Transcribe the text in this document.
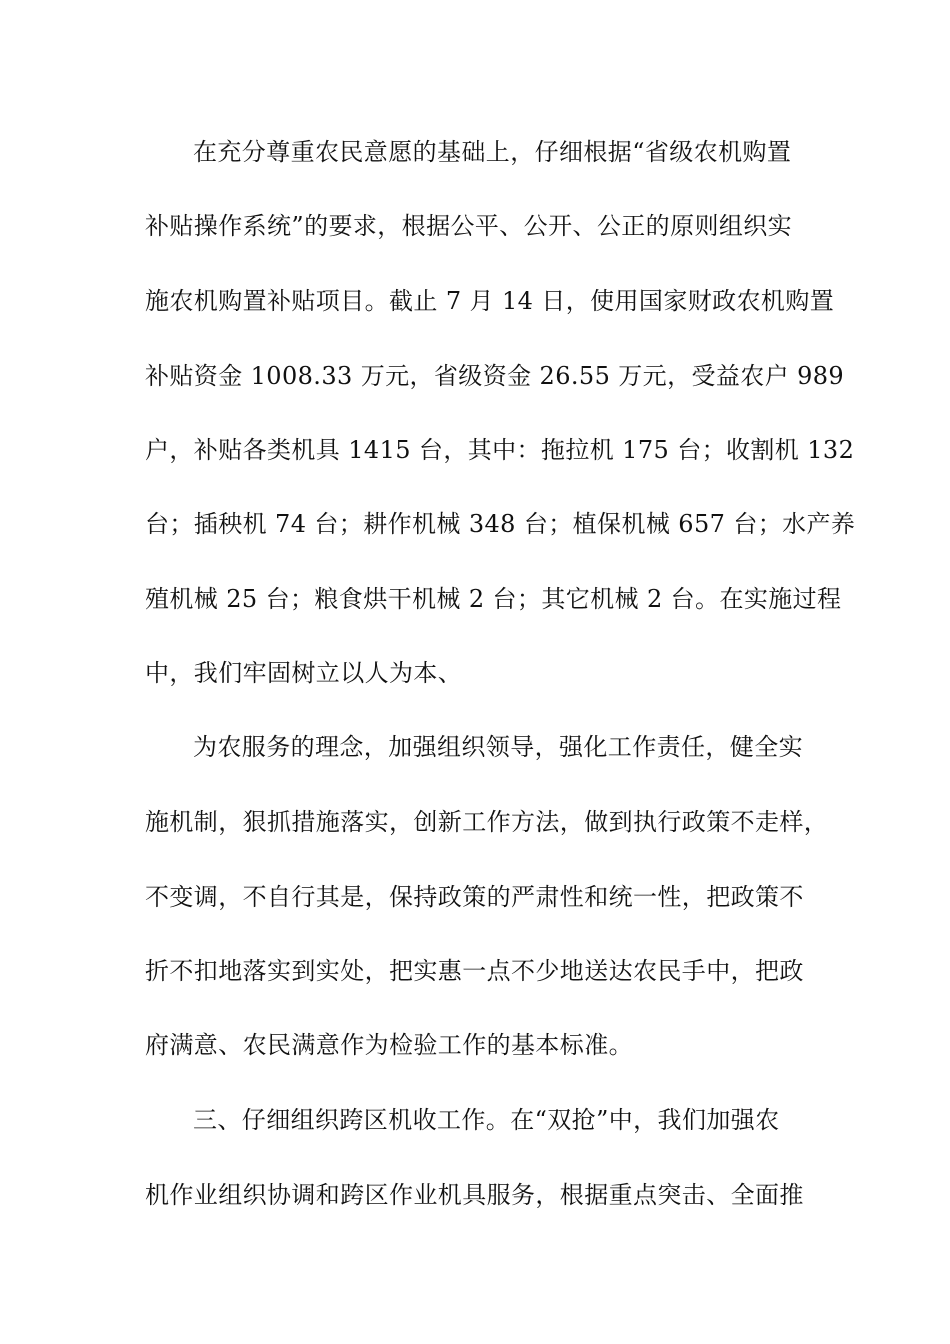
在充分尊重农民意愿的基础上，仔细根据“省级农机购置
补贴操作系统”的要求，根据公平、公开、公正的原则组织实
施农机购置补贴项目。截止 7 月 14 日，使用国家财政农机购置
补贴资金 1008.33 万元，省级资金 26.55 万元，受益农户 989
户，补贴各类机具 1415 台，其中：拖拉机 175 台；收割机 132
台；插秧机 74 台；耕作机械 348 台；植保机械 657 台；水产养
殖机械 25 台；粮食烘干机械 2 台；其它机械 2 台。在实施过程
中，我们牢固树立以人为本、
为农服务的理念，加强组织领导，强化工作责任，健全实
施机制，狠抓措施落实，创新工作方法，做到执行政策不走样，
不变调，不自行其是，保持政策的严肃性和统一性，把政策不
折不扣地落实到实处，把实惠一点不少地送达农民手中，把政
府满意、农民满意作为检验工作的基本标准。
三、仔细组织跨区机收工作。在“双抢”中，我们加强农
机作业组织协调和跨区作业机具服务，根据重点突击、全面推
